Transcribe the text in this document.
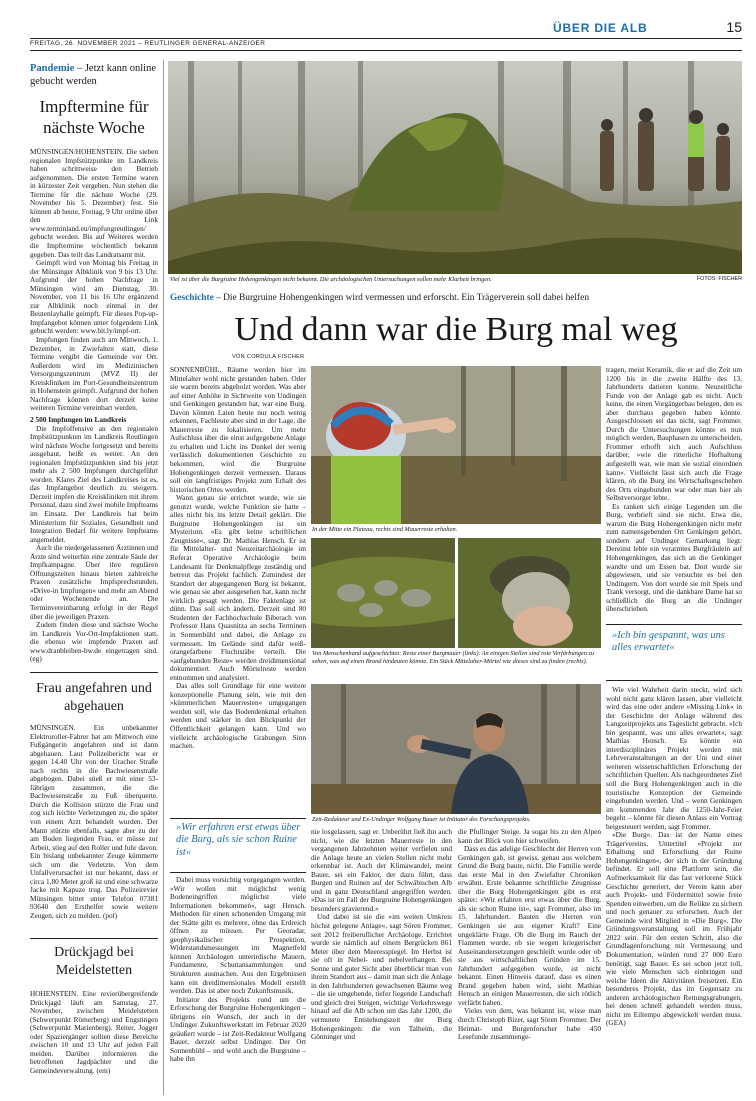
ÜBER DIE ALB	15
FREITAG, 26. NOVEMBER 2021 – REUTLINGER GENERAL-ANZEIGER
Pandemie – Jetzt kann online gebucht werden
Impftermine für nächste Woche

MÜNSINGEN/HOHENSTEIN. Die sieben regionalen Impfstützpunkte im Landkreis haben schrittweise den Betrieb aufgenommen. Die ersten Termine waren in kürzester Zeit vergeben. Nun stehen die Termine für die nächste Woche (29. November bis 5. Dezember) fest. Sie können ab heute, Freitag, 9 Uhr online über den Link www.terminland.eu/impfungreutlingen/ gebucht werden. Bis auf Weiteres werden die Impftermine wöchentlich bekannt gegeben. Das teilt das Landratsamt mit.

Geimpft wird von Montag bis Freitag in der Münsinger Albklinik von 9 bis 13 Uhr. Aufgrund der hohen Nachfrage in Münsingen wird am Dienstag, 30. November, von 11 bis 16 Uhr ergänzend zur Albklinik noch einmal in der Beutenlayhalle geimpft. Für dieses Pop-up-Impfangebot können unter folgendem Link gebucht werden: www.bit.ly/impf-ort.

Impfungen finden auch am Mittwoch, 1. Dezember, in Zwiefalten statt, diese Termine vergibt die Gemeinde vor Ort. Außerdem wird im Medizinischen Versorgungszentrum (MVZ II) der Kreiskliniken im Port-Gesundheitszentrum in Hohenstein geimpft. Aufgrund der hohen Nachfrage können dort derzeit keine weiteren Termine vereinbart werden.

2 500 Impfungen im Landkreis

Die Impfoffensive an den regionalen Impfstützpunkten im Landkreis Reutlingen wird nächste Woche fortgesetzt und bereits ausgebaut, heißt es weiter. An den regionalen Impfstützpunkten sind bis jetzt mehr als 2 500 Impfungen durchgeführt worden. Klares Ziel des Landkreises ist es, das Impfangebot deutlich zu steigern. Derzeit impfen die Kreiskliniken mit ihrem Personal, dazu sind zwei mobile Impfteams im Einsatz. Der Landkreis hat beim Ministerium für Soziales, Gesundheit und Integration Bedarf für weitere Impfteams angemeldet.

Auch die niedergelassenen Ärztinnen und Ärzte sind weiterhin eine zentrale Säule der Impfkampagne. Über ihre regulären Öffnungszeiten hinaus bieten zahlreiche Praxen zusätzliche Impfsprechstunden, »Drive-in Impfungen« und mehr am Abend oder Wochenende an. Die Terminvereinbarung erfolgt in der Regel über die jeweiligen Praxen.

Zudem finden diese und nächste Woche im Landkreis Vor-Ort-Impfaktionen statt, die ebenso wie impfende Praxen auf www.dranbleiben-bw.de eingetragen sind. (eg)

Frau angefahren und abgehauen

MÜNSINGEN. Ein unbekannter Elektroroller-Fahrer hat am Mittwoch eine Fußgängerin angefahren und ist dann abgehauen. Laut Polizeibericht war er gegen 14.40 Uhr von der Uracher Straße nach rechts in die Bachwiesenstraße abgebogen. Dabei stieß er mit einer 53-Jährigen zusammen, die die Bachwiesenstraße zu Fuß überquerte. Durch die Kollision stürzte die Frau und zog sich leichte Verletzungen zu, die später von einem Arzt behandelt wurden. Der Mann stürzte ebenfalls, sagte aber zu der am Boden liegenden Frau, er müsse zur Arbeit, stieg auf den Roller und fuhr davon. Ein bislang unbekannter Zeuge kümmerte sich um die Verletzte. Von dem Unfallverursacher ist nur bekannt, dass er circa 1,80 Meter groß ist und eine schwarze Jacke mit Kapuze trug. Das Polizeirevier Münsingen bittet unter Telefon 07381 93640 den Ersthelfer sowie weitere Zeugen, sich zu melden. (pol)

Drückjagd bei Meidelstetten

HOHENSTEIN. Eine revierübergreifende Drückjagd läuft am Samstag, 27. November, zwischen Meidelstetten (Schwerpunkt Römerberg) und Engstingen (Schwerpunkt Marienberg). Reiter, Jogger oder Spaziergänger sollten diese Bereiche zwischen 10 und 13 Uhr auf jeden Fall meiden. Darüber informieren die betroffenen Jagdpächter und die Gemeindeverwaltung. (em)

Viel ist über die Burgruine Hohengenkingen nicht bekannt. Die archäologischen Untersuchungen sollen mehr Klarheit bringen.	FOTOS: FISCHER
Geschichte – Die Burgruine Hohengenkingen wird vermessen und erforscht. Ein Trägerverein soll dabei helfen
Und dann war die Burg mal weg
VON CORDULA FISCHER

SONNENBÜHL. Räume werden hier im Mittelalter wohl nicht gestanden haben. Oder sie waren bereits abgeholzt worden. Was aber auf einer Anhöhe in Sichtweite von Undingen und Genkingen gestanden hat, war eine Burg. Davon können Laien heute nur noch wenig erkennen, Fachleute aber sind in der Lage, die Mauerreste zu lokalisieren. Um mehr Aufschluss über die einst aufgegebene Anlage zu erhalten und Licht ins Dunkel der wenig verlässlich dokumentierten Geschichte zu bekommen, wird die Burgruine Hohengenkingen derzeit vermessen. Daraus soll ein langfristiges Projekt zum Erhalt des historischen Ortes werden.

Wann genau sie errichtet wurde, wie sie genutzt wurde, welche Funktion sie hatte – alles nicht bis ins letzte Detail geklärt. Die Burgruine Hohengenkingen ist ein Mysterium. »Es gibt keine schriftlichen Zeugnisse«, sagt Dr. Mathias Hensch. Er ist für Mittelalter- und Neuzeitarchäologie im Referat Operative Archäologie beim Landesamt für Denkmalpflege zuständig und betreut das Projekt fachlich. Zumindest der Standort der abgegangenen Burg ist bekannt, wie genau sie aber ausgesehen hat, kann nicht wirklich gesagt werden. Die Faktenlage ist dünn. Das soll sich ändern. Derzeit sind 80 Studenten der Fachhochschule Biberach von Professor Hans Quasnitza an sechs Terminen in Sonnenbühl und dabei, die Anlage zu vermessen. Im Gelände sind dafür weiß-orangefarbene Fluchtstäbe verteilt. Die »aufgehenden Reste« werden dreidimensional dokumentiert. Auch Mörtelreste werden entnommen und analysiert.

Das alles soll Grundlage für eine weitere konzeptionelle Planung sein, wie mit den »kümmerlichen Mauerresten« umgegangen werden soll, wie das Bodendenkmal erhalten werden und stärker in den Blickpunkt der Öffentlichkeit gelangen kann. Und wo vielleicht archäologische Grabungen Sinn machen.

»Wir erfahren erst etwas über die Burg, als sie schon Ruine ist«

Dabei muss vorsichtig vorgegangen werden. »Wir wollen mit möglichst wenig Bodeneingriffen möglichst viele Informationen bekommen«, sagt Hensch. Methoden für einen schonenden Umgang mit der Stätte gibt es mehrere, ohne das Erdreich öffnen zu müssen. Per Georadar, geophysikalischer Prospektion, Widerstandsmessungen im Magnetfeld können Archäologen unterirdische Mauern, Fundamente, Schuttansammlungen und Strukturen ausmachen. Aus den Ergebnissen kann ein dreidimensionales Modell erstellt werden. Das ist aber noch Zukunftsmusik.

Initiator des Projekts rund um die Erforschung der Burgruine Hohengenkingen – übrigens ein Wunsch, der auch in der Undinger Zukunftswerkstatt im Februar 2020 geäußert wurde – ist Zeit-Redakteur Wolfgang Bauer, derzeit selbst Undinger. Der Ort Sonnenbühl – und wohl auch die Burgruine – habe ihn

In der Mitte ein Plateau, rechts sind Mauerreste erhalten.
Von Menschenhand aufgeschichtet: Reste einer Burgmauer (links). An einigen Stellen sind rote Verfärbungen zu sehen, was auf einen Brand hindeuten könnte. Ein Stück Mittelalter-Mörtel wie dieses sind zu finden (rechts).
Zeit-Redakteur und Ex-Undinger Wolfgang Bauer ist Initiator des Forschungsprojekts.

nie losgelassen, sagt er. Unberührt ließ ihn auch nicht, wie die letzten Mauerreste in den vergangenen Jahrzehnten weiter verfielen und die Anlage heute an vielen Stellen nicht mehr erkennbar ist. Auch der Klimawandel, meint Bauer, sei ein Faktor, der dazu führt, dass Burgen und Ruinen auf der Schwäbischen Alb und in ganz Deutschland angegriffen werden. »Das ist im Fall der Burgruine Hohengenkingen besonders gravierend.«

Und dabei ist sie die »im weiten Umkreis höchst gelegene Anlage«, sagt Sören Frommer, seit 2012 freiberuflicher Archäologe. Errichtet wurde sie nämlich auf einem Bergrücken 861 Meter über dem Meeresspiegel. Im Herbst ist sie oft in Nebel- und nebelverhangen. Bei Sonne und guter Sicht aber überblickt man von ihrem Standort aus – damit man sich die Anlage in den Jahrhunderten gewachsenen Bäume weg – die sie umgebende, tiefer liegende Landschaft und gleich drei Steigen, wichtige Verkehrswege hinauf auf die Alb schon um das Jahr 1200, die vermutete Entstehungszeit der Burg Hohengenkingen: die von Talheim, die Gönninger und

die Pfullinger Steige. Ja sogar bis zu den Alpen kann der Blick von hier schweifen.

Dass es das adelige Geschlecht der Herren von Genkingen gab, ist gewiss, genau aus welchem Grund die Burg baute, nicht. Die Familie werde das erste Mal in den Zwiefalter Chroniken erwähnt. Erste bekannte schriftliche Zeugnisse über die Burg Hohengenkingen gibt es erst später: »Wir erfahren erst etwas über die Burg, als sie schon Ruine ist«, sagt Frommer, also im 15. Jahrhundert. Bauten die Herren von Genkingen sie aus eigener Kraft? Eine ungeklärte Frage. Ob die Burg im Rauch der Flammen wurde, ob sie wegen kriegerischer Auseinandersetzungen geschleift wurde oder ob sie aus wirtschaftlichen Gründen im 15. Jahrhundert aufgegeben wurde, ist nicht bekannt. Einen Hinweis darauf, dass es einen Brand gegeben haben wird, sieht Mathias Hensch an einigen Mauerresten, die sich rötlich verfärbt haben.

Vieles von dem, was bekannt ist, wisse man durch Christoph Bizer, sagt Sören Frommer. Der Heimat- und Burgenforscher habe 450 Lesefunde zusammenge-

tragen, meist Keramik, die er auf die Zeit um 1200 bis in die zweite Hälfte des 13. Jahrhunderts datieren konnte. Neuzeitliche Funde von der Anlage gab es nicht. Auch keine, die einen Vorgängerbau belegen, den es aber durchaus gegeben haben könnte. Ausgeschlossen sei das nicht, sagt Frommer. Durch die Untersuchungen könnte es nun möglich werden, Bauphasen zu unterscheiden, Frommer erhofft sich auch Aufschluss darüber, »wie die ritterliche Hofhaltung aufgestellt war, wie man sie sozial einordnen kann«. Vielleicht lässt sich auch die Frage klären, ob die Burg ins Wirtschaftsgeschehen des Orts eingebunden war oder man hier als Selbstversorger lebte.

Es ranken sich einige Legenden um die Burg, verbrieft sind sie nicht. Etwa die, warum die Burg Hohengenkingen nicht mehr zum namensgebenden Ort Genkingen gehört, sondern auf Undinger Gemarkung liegt: Dereinst lebte ein verarmtes Burgfräulein auf Hohengenkingen, das sich an die Genkinger wandte und um Essen bat. Dort wurde sie abgewiesen, und sie versuchte es bei den Undingern. Von dort wurde sie mit Speis und Trank versorgt, und die dankbare Dame hat so schließlich die Burg an die Undinger überschrieben.

»Ich bin gespannt, was uns alles erwartet«

Wie viel Wahrheit darin steckt, wird sich wohl nicht ganz klären lassen, aber vielleicht wird das eine oder andere »Missing Link« in der Geschichte der Anlage während des Langzeitprojekts ans Tageslicht gebracht. »Ich bin gespannt, was uns alles erwartet«, sagt Mathias Hensch. Es könnte ein interdisziplinäres Projekt werden mit Lehrveranstaltungen an der Uni und einer weiteren wissenschaftlichen Erforschung der schriftlichen Quellen. Als nachgeordnetes Ziel soll die Burg Hohengenkingen auch in die touristische Konzeption der Gemeinde eingebunden werden. Und – wenn Genkingen im kommenden Jahr die 1250-Jahr-Feier begeht – könnte für diesen Anlass ein Vortrag beigesteuert werden, sagt Frommer.

»Die Burg«. Das ist der Name eines Trägervereins, Untertitel »Projekt zur Erhaltung und Erforschung der Ruine Hohengenkingen«, der sich in der Gründung befindet. Er soll eine Plattform sein, die Aufmerksamkeit für das fast verlorene Stück Geschichte generiert, der Verein kann aber auch Projekt- und Fördermittel sowie freie Spenden einwerben, um die Relikte zu sichern und noch genauer zu erforschen. Auch der Gemeinde wird Mitglied in »Die Burg«. Die Gründungsveranstaltung soll im Frühjahr 2022 sein. Für den ersten Schritt, also die Grundlagenforschung mit Vermessung und Dokumentation, würden rund 27 000 Euro benötigt, sagt Bauer. Es sei schon jetzt toll, wie viele Menschen sich einbringen und welche Ideen die Aktivitäten freisetzen. Ein besonderes Projekt, das im Gegensatz zu anderen archäologischen Rettungsgrabungen, bei denen schnell gehandelt werden muss, nicht im Eiltempo abgewickelt werden muss. (GEA)
